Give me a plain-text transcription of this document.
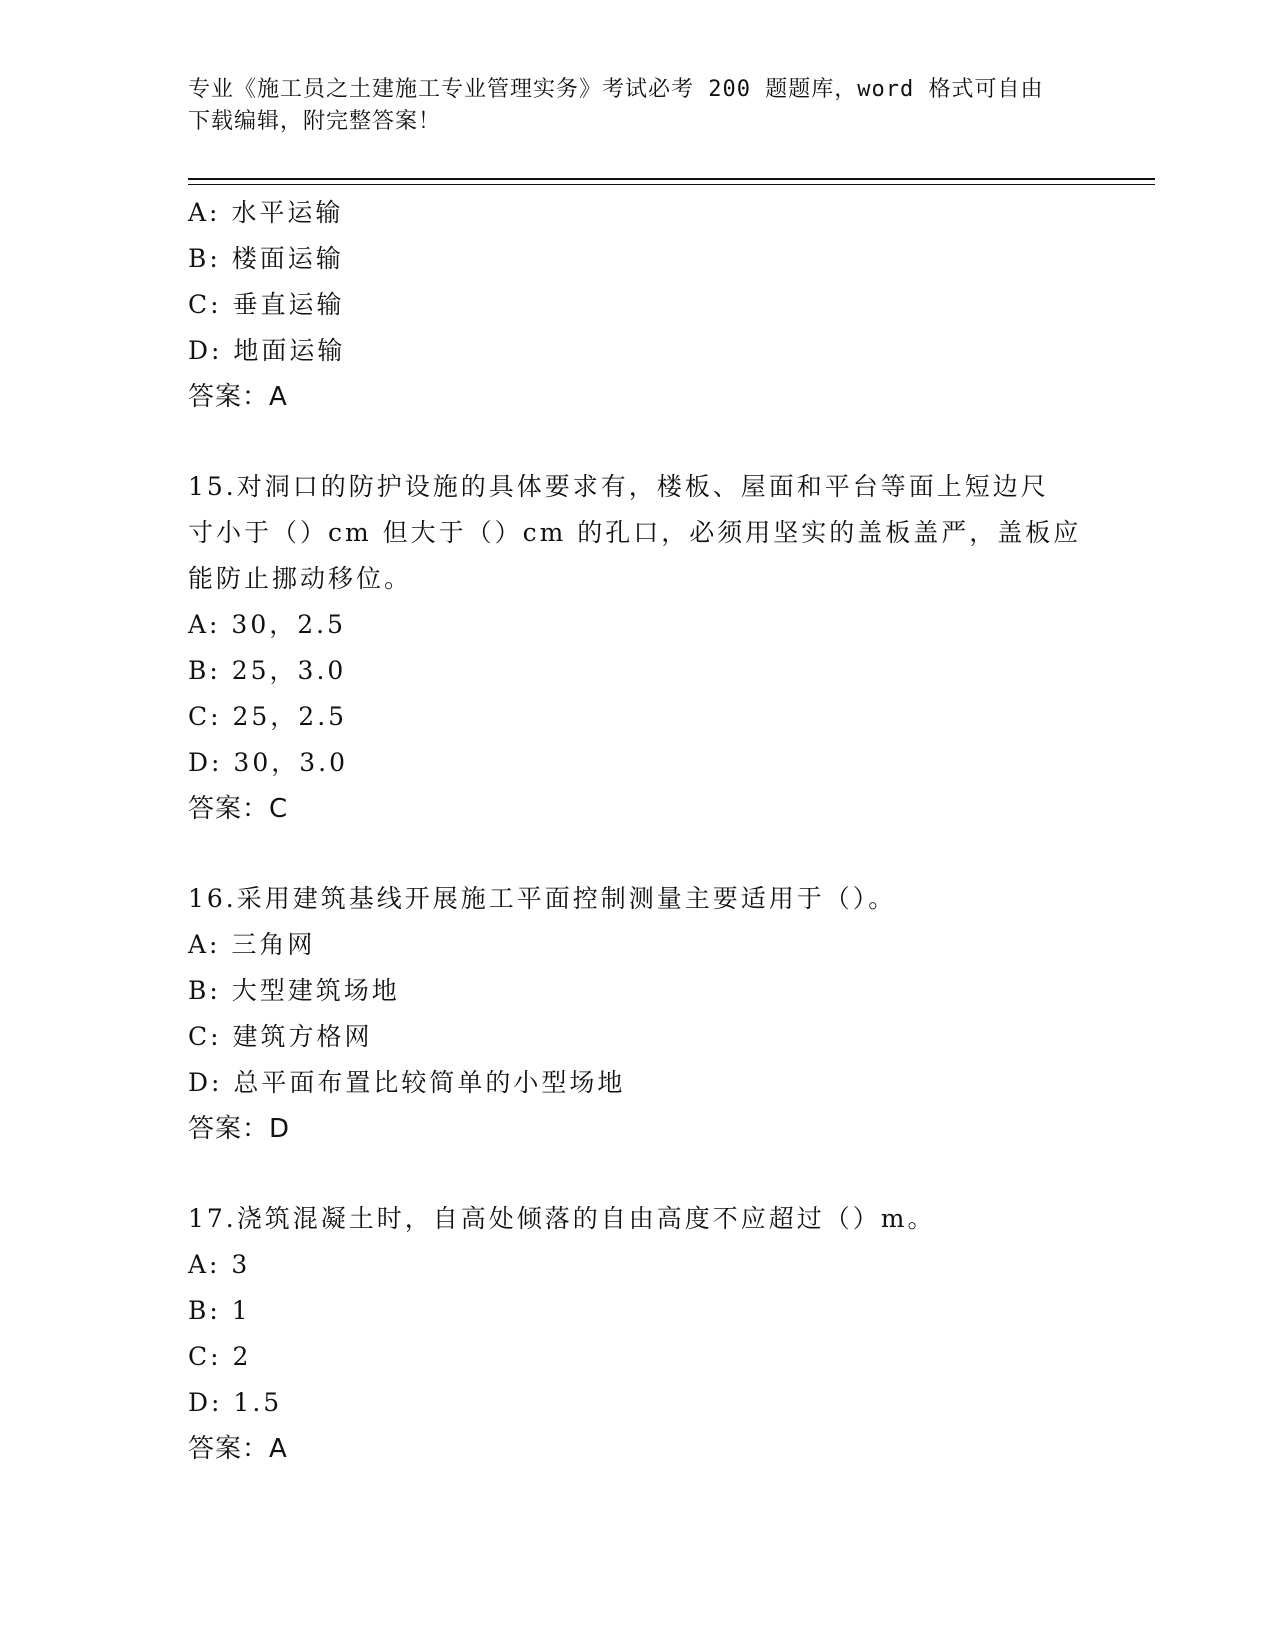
专业《施工员之土建施工专业管理实务》考试必考 200 题题库，word 格式可自由
下载编辑，附完整答案！
A: 水平运输
B: 楼面运输
C: 垂直运输
D: 地面运输
答案：A
15.对洞口的防护设施的具体要求有，楼板、屋面和平台等面上短边尺
寸小于（）cm 但大于（）cm 的孔口，必须用坚实的盖板盖严，盖板应
能防止挪动移位。
A: 30，2.5
B: 25，3.0
C: 25，2.5
D: 30，3.0
答案：C
16.采用建筑基线开展施工平面控制测量主要适用于（）。
A: 三角网
B: 大型建筑场地
C: 建筑方格网
D: 总平面布置比较简单的小型场地
答案：D
17.浇筑混凝土时，自高处倾落的自由高度不应超过（）m。
A: 3
B: 1
C: 2
D: 1.5
答案：A
